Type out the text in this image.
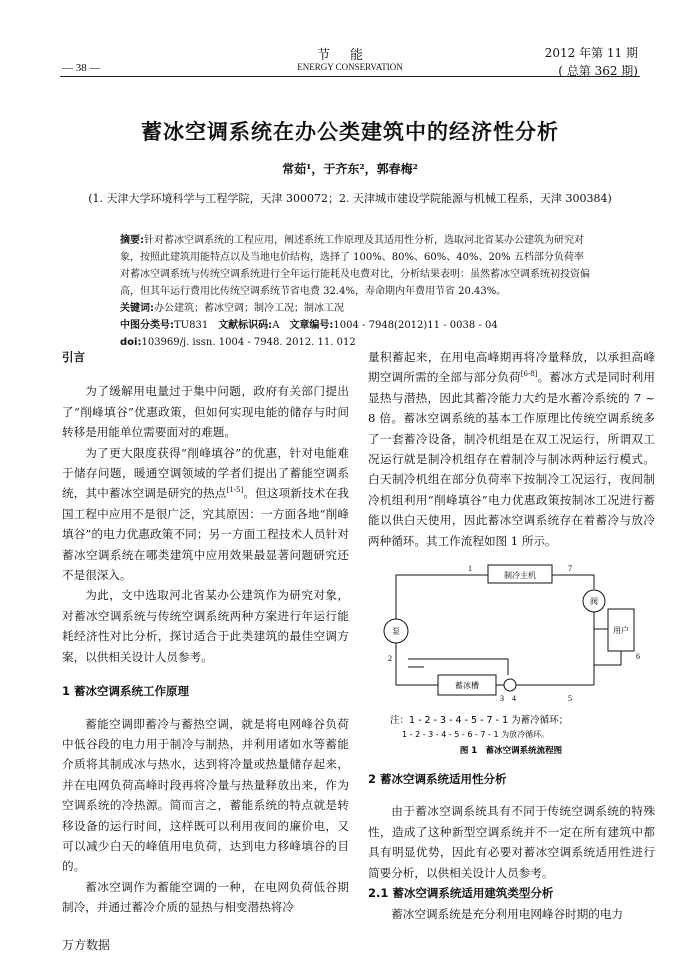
节能
ENERGY CONSERVATION
2012 年第 11 期
( 总第 362 期)
— 38 —
蓄冰空调系统在办公类建筑中的经济性分析
常茹¹，于齐东²，郭春梅²
(1. 天津大学环境科学与工程学院，天津 300072；2. 天津城市建设学院能源与机械工程系，天津 300384)
摘要:针对蓄冰空调系统的工程应用，阐述系统工作原理及其适用性分析，选取河北省某办公建筑为研究对象，按照此建筑用能特点以及当地电价结构，选择了 100%、80%、60%、40%、20% 五档部分负荷率对蓄冰空调系统与传统空调系统进行全年运行能耗及电费对比，分析结果表明：虽然蓄冰空调系统初投资偏高，但其年运行费用比传统空调系统节省电费 32.4%，寿命期内年费用节省 20.43%。
关键词:办公建筑；蓄冰空调；制冷工况；制冰工况
中图分类号:TU831  文献标识码:A  文章编号:1004 - 7948(2012)11 - 0038 - 04
doi:103969/j. issn. 1004 - 7948. 2012. 11. 012

引言

为了缓解用电量过于集中问题，政府有关部门提出了“削峰填谷”优惠政策，但如何实现电能的储存与时间转移是用能单位需要面对的难题。

为了更大限度获得“削峰填谷”的优惠，针对电能难于储存问题，暖通空调领域的学者们提出了蓄能空调系统，其中蓄冰空调是研究的热点[1-5]。但这项新技术在我国工程中应用不是很广泛，究其原因：一方面各地“削峰填谷”的电力优惠政策不同；另一方面工程技术人员针对蓄冰空调系统在哪类建筑中应用效果最显著问题研究还不是很深入。

为此，文中选取河北省某办公建筑作为研究对象，对蓄冰空调系统与传统空调系统两种方案进行年运行能耗经济性对比分析，探讨适合于此类建筑的最佳空调方案，以供相关设计人员参考。

1 蓄冰空调系统工作原理

蓄能空调即蓄冷与蓄热空调，就是将电网峰谷负荷中低谷段的电力用于制冷与制热，并利用诸如水等蓄能介质将其制成冰与热水，达到将冷量或热量储存起来，并在电网负荷高峰时段再将冷量与热量释放出来，作为空调系统的冷热源。简而言之，蓄能系统的特点就是转移设备的运行时间，这样既可以利用夜间的廉价电，又可以减少白天的峰值用电负荷，达到电力移峰填谷的目的。

蓄冰空调作为蓄能空调的一种，在电网负荷低谷期制冷，并通过蓄冷介质的显热与相变潜热将冷

量积蓄起来，在用电高峰期再将冷量释放，以承担高峰期空调所需的全部与部分负荷[6-8]。蓄冰方式是同时利用显热与潜热，因此其蓄冷能力大约是水蓄冷系统的 7 ~ 8 倍。蓄冰空调系统的基本工作原理比传统空调系统多了一套蓄冷设备，制冷机组是在双工况运行，所谓双工况运行就是制冷机组存在着制冷与制冰两种运行模式。白天制冷机组在部分负荷率下按制冷工况运行，夜间制冷机组利用“削峰填谷”电力优惠政策按制冰工况进行蓄能以供白天使用，因此蓄冰空调系统存在着蓄冷与放冷两种循环。其工作流程如图 1 所示。

制冷主机
泵
阀
用户
蓄冰槽
1
2
3 4	5
6
7
注：1 - 2 - 3 - 4 - 5 - 7 - 1 为蓄冷循环；
1 - 2 - 3 - 4 - 5 - 6 - 7 - 1 为放冷循环。
图 1　蓄冰空调系统流程图

2 蓄冰空调系统适用性分析

由于蓄冰空调系统具有不同于传统空调系统的特殊性，造成了这种新型空调系统并不一定在所有建筑中都具有明显优势，因此有必要对蓄冰空调系统适用性进行简要分析，以供相关设计人员参考。

2.1 蓄冰空调系统适用建筑类型分析

蓄冰空调系统是充分利用电网峰谷时期的电力

万方数据
